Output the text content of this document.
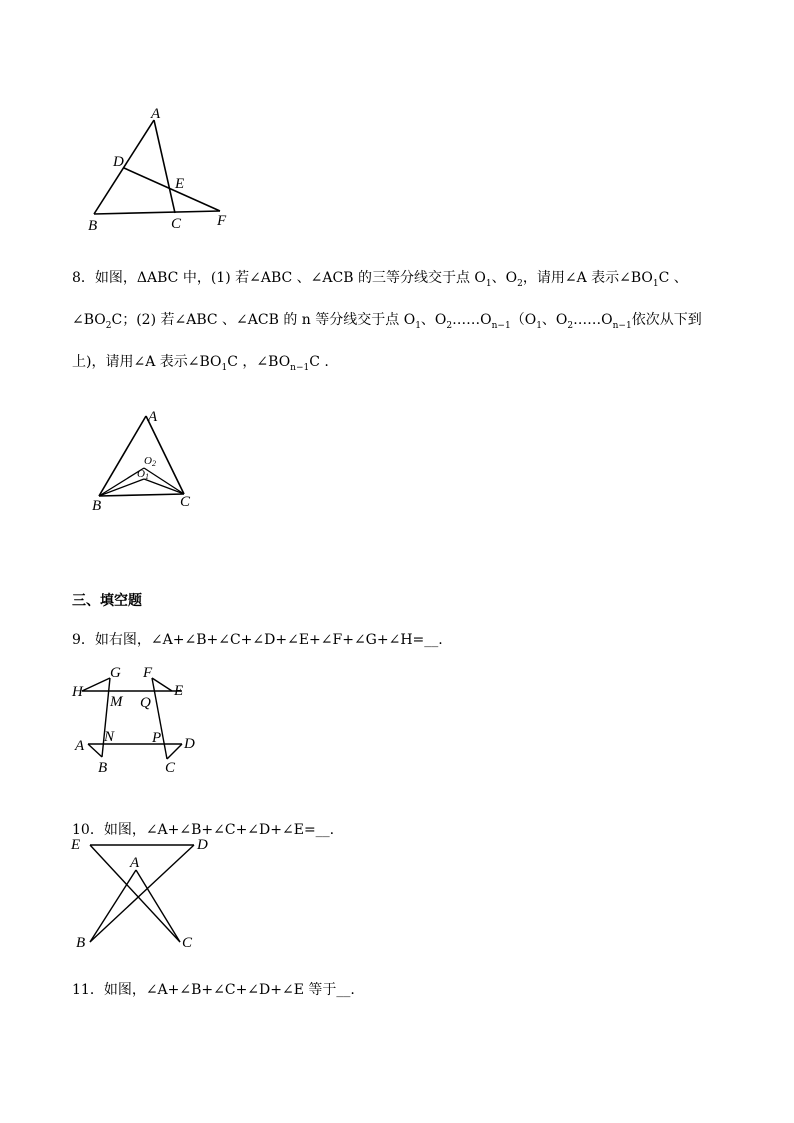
A
D
E
B	C F
8．如图，ΔABC 中，(1) 若∠ABC 、∠ACB 的三等分线交于点 $O_1$、$O_2$，请用∠A 表示$\angle BO_1C$ 、
$\angle BO_2C$；(2) 若∠ABC 、∠ACB 的 n 等分线交于点 $O_1$、$O_2\dots\dots O_{n-1}(O_1$、$O_2\dots\dots O_{n-1}$依次从下到
上)，请用∠A 表示$\angle BO_1C$ ，$\angle BO_{n-1}C$ .
A
O 2
O 1
B	C
三、填空题
9．如右图，∠A+∠B+∠C+∠D+∠E+∠F+∠G+∠H=__.
G F
H	E
M Q
A
N	P D
B	C
10．如图，∠A+∠B+∠C+∠D+∠E=__.
E	D
A
B	C
11．如图，∠A+∠B+∠C+∠D+∠E 等于__.
